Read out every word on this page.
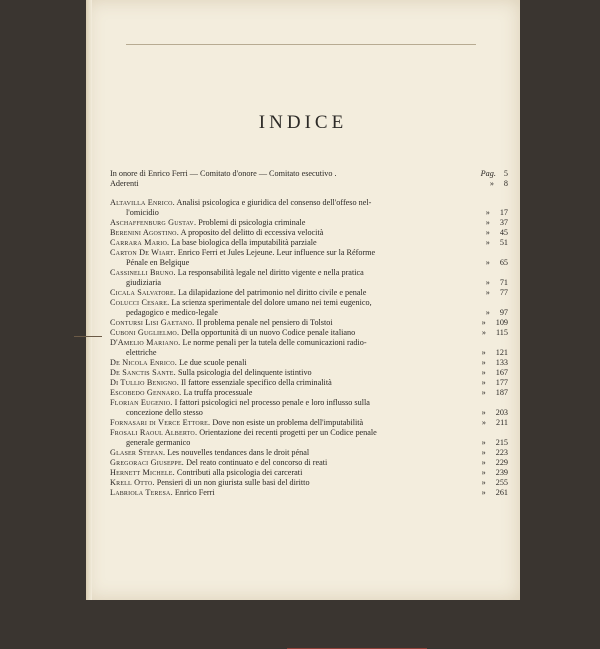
INDICE
In onore di Enrico Ferri — Comitato d'onore — Comitato esecutivo .	Pag. 5
Aderenti	» 8
Altavilla Enrico. Analisi psicologica e giuridica del consenso dell'offeso nel-
l'omicidio	» 17
Aschaffenburg Gustav. Problemi di psicologia criminale	» 37
Berenini Agostino. A proposito del delitto di eccessiva velocità	» 45
Carrara Mario. La base biologica della imputabilità parziale	» 51
Carton De Wiart. Enrico Ferri et Jules Lejeune. Leur influence sur la Réforme
Pénale en Belgique	» 65
Cassinelli Bruno. La responsabilità legale nel diritto vigente e nella pratica
giudiziaria	» 71
Cicala Salvatore. La dilapidazione del patrimonio nel diritto civile e penale	» 77
Colucci Cesare. La scienza sperimentale del dolore umano nei temi eugenico,
pedagogico e medico-legale	» 97
Contursi Lisi Gaetano. Il problema penale nel pensiero di Tolstoi	» 109
Cuboni Guglielmo. Della opportunità di un nuovo Codice penale italiano	» 115
D'Amelio Mariano. Le norme penali per la tutela delle comunicazioni radio-
elettriche	» 121
De Nicola Enrico. Le due scuole penali	» 133
De Sanctis Sante. Sulla psicologia del delinquente istintivo	» 167
Di Tullio Benigno. Il fattore essenziale specifico della criminalità	» 177
Escobedo Gennaro. La truffa processuale	» 187
Florian Eugenio. I fattori psicologici nel processo penale e loro influsso sulla
concezione dello stesso	» 203
Fornasari di Verce Ettore. Dove non esiste un problema dell'imputabilità	» 211
Frosali Raoul Alberto. Orientazione dei recenti progetti per un Codice penale
generale germanico	» 215
Glaser Stefan. Les nouvelles tendances dans le droit pénal	» 223
Gregoraci Giuseppe. Del reato continuato e del concorso di reati	» 229
Hernett Michele. Contributi alla psicologia dei carcerati	» 239
Krell Otto. Pensieri di un non giurista sulle basi del diritto	» 255
Labriola Teresa. Enrico Ferri	» 261
